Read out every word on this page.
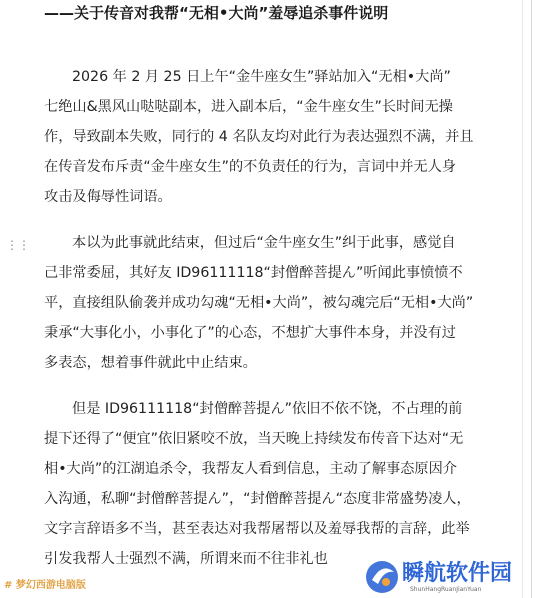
——关于传音对我帮“无相•大尚”羞辱追杀事件说明
⋮⋮
2026 年 2 月 25 日上午“金牛座女生”驿站加入“无相•大尚”
七绝山&黑风山哒哒副本，进入副本后，“金牛座女生”长时间无操
作，导致副本失败，同行的 4 名队友均对此行为表达强烈不满，并且
在传音发布斥责“金牛座女生”的不负责任的行为，言词中并无人身
攻击及侮辱性词语。
本以为此事就此结束，但过后“金牛座女生”纠于此事，感觉自
己非常委屈，其好友 ID96111118“封僧醉菩提ん”听闻此事愤愤不
平，直接组队偷袭并成功勾魂“无相•大尚”，被勾魂完后“无相•大尚”
秉承“大事化小，小事化了”的心态，不想扩大事件本身，并没有过
多表态，想着事件就此中止结束。
但是 ID96111118“封僧醉菩提ん”依旧不依不饶，不占理的前
提下还得了“便宜”依旧紧咬不放，当天晚上持续发布传音下达对“无
相•大尚”的江湖追杀令，我帮友人看到信息，主动了解事态原因介
入沟通，私聊“封僧醉菩提ん”，“封僧醉菩提ん“态度非常盛势凌人，
文字言辞语多不当，甚至表达对我帮屠帮以及羞辱我帮的言辞，此举
引发我帮人士强烈不满，所谓来而不往非礼也
# 梦幻西游电脑版	瞬航软件园
ShunHangRuanJianYuan
